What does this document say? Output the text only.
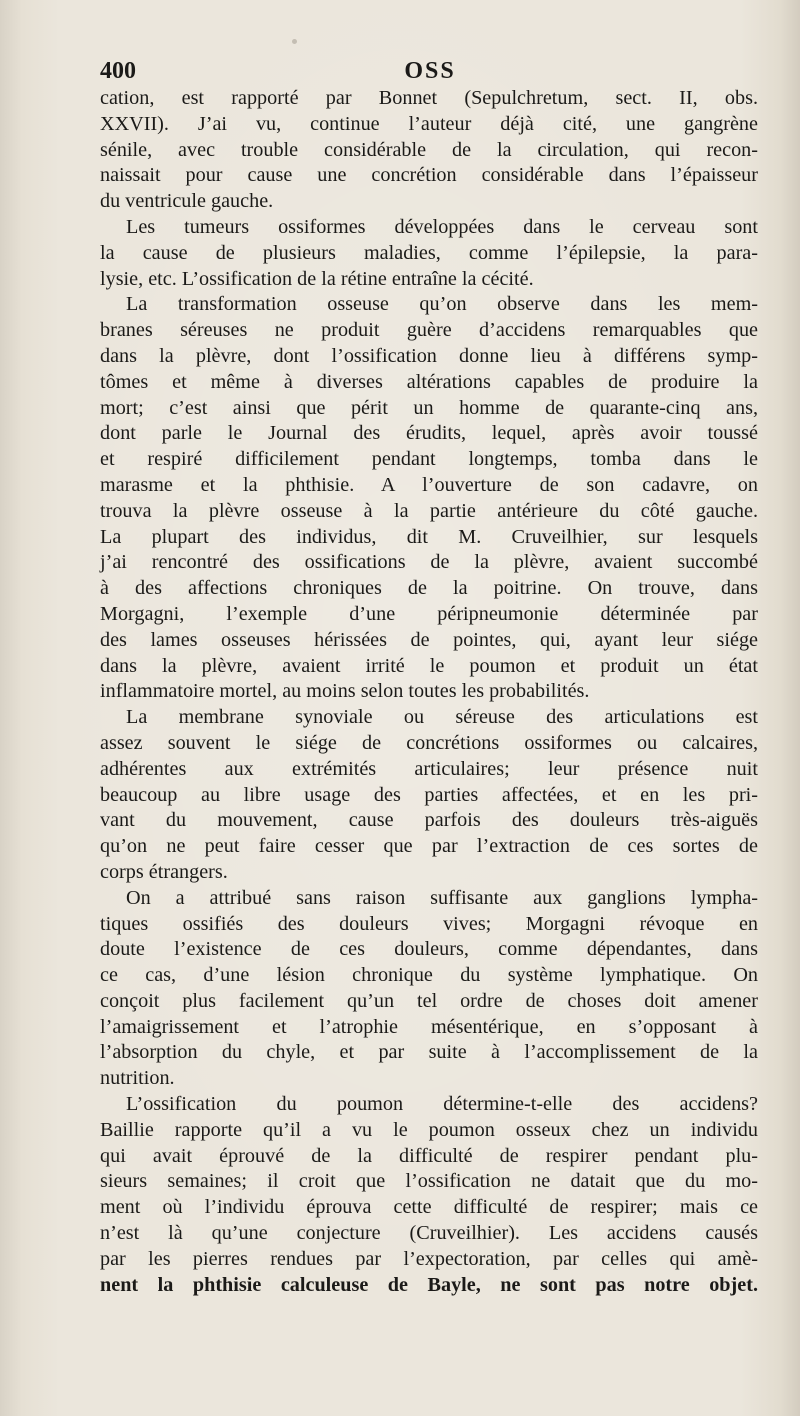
400	OSS
cation, est rapporté par Bonnet (Sepulchretum, sect. II, obs.
XXVII). J’ai vu, continue l’auteur déjà cité, une gangrène
sénile, avec trouble considérable de la circulation, qui recon-
naissait pour cause une concrétion considérable dans l’épaisseur
du ventricule gauche.
Les tumeurs ossiformes développées dans le cerveau sont
la cause de plusieurs maladies, comme l’épilepsie, la para-
lysie, etc. L’ossification de la rétine entraîne la cécité.
La transformation osseuse qu’on observe dans les mem-
branes séreuses ne produit guère d’accidens remarquables que
dans la plèvre, dont l’ossification donne lieu à différens symp-
tômes et même à diverses altérations capables de produire la
mort; c’est ainsi que périt un homme de quarante-cinq ans,
dont parle le Journal des érudits, lequel, après avoir toussé
et respiré difficilement pendant longtemps, tomba dans le
marasme et la phthisie. A l’ouverture de son cadavre, on
trouva la plèvre osseuse à la partie antérieure du côté gauche.
La plupart des individus, dit M. Cruveilhier, sur lesquels
j’ai rencontré des ossifications de la plèvre, avaient succombé
à des affections chroniques de la poitrine. On trouve, dans
Morgagni, l’exemple d’une péripneumonie déterminée par
des lames osseuses hérissées de pointes, qui, ayant leur siége
dans la plèvre, avaient irrité le poumon et produit un état
inflammatoire mortel, au moins selon toutes les probabilités.
La membrane synoviale ou séreuse des articulations est
assez souvent le siége de concrétions ossiformes ou calcaires,
adhérentes aux extrémités articulaires; leur présence nuit
beaucoup au libre usage des parties affectées, et en les pri-
vant du mouvement, cause parfois des douleurs très-aiguës
qu’on ne peut faire cesser que par l’extraction de ces sortes de
corps étrangers.
On a attribué sans raison suffisante aux ganglions lympha-
tiques ossifiés des douleurs vives; Morgagni révoque en
doute l’existence de ces douleurs, comme dépendantes, dans
ce cas, d’une lésion chronique du système lymphatique. On
conçoit plus facilement qu’un tel ordre de choses doit amener
l’amaigrissement et l’atrophie mésentérique, en s’opposant à
l’absorption du chyle, et par suite à l’accomplissement de la
nutrition.
L’ossification du poumon détermine-t-elle des accidens?
Baillie rapporte qu’il a vu le poumon osseux chez un individu
qui avait éprouvé de la difficulté de respirer pendant plu-
sieurs semaines; il croit que l’ossification ne datait que du mo-
ment où l’individu éprouva cette difficulté de respirer; mais ce
n’est là qu’une conjecture (Cruveilhier). Les accidens causés
par les pierres rendues par l’expectoration, par celles qui amè-
nent la phthisie calculeuse de Bayle, ne sont pas notre objet.
